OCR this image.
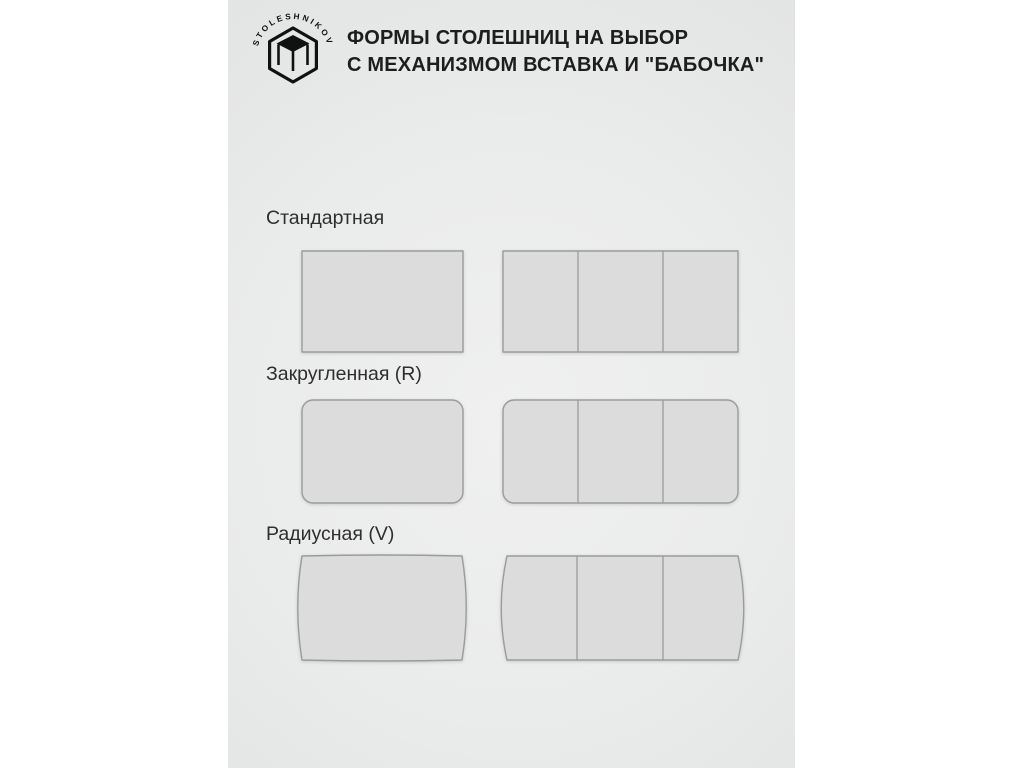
STOLESHNIKOV ФОРМЫ СТОЛЕШНИЦ НА ВЫБОР
С МЕХАНИЗМОМ ВСТАВКА И "БАБОЧКА"
Стандартная
Закругленная (R)
Радиусная (V)
